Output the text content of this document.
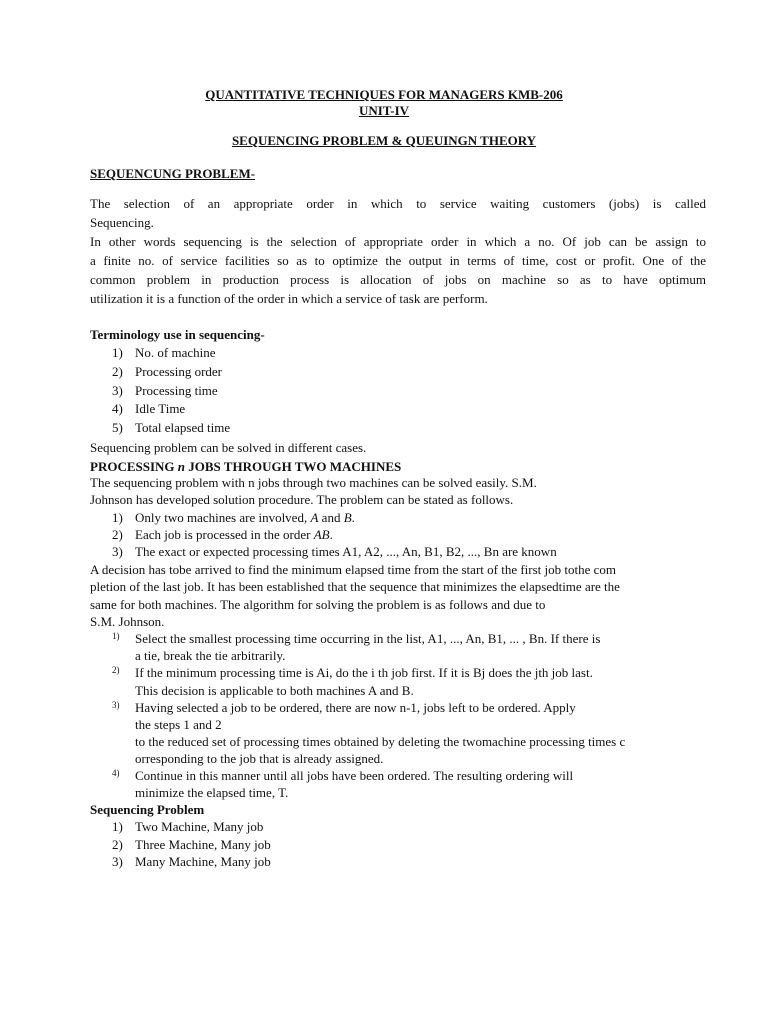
QUANTITATIVE TECHNIQUES FOR MANAGERS KMB-206
UNIT-IV
SEQUENCING PROBLEM & QUEUINGN THEORY
SEQUENCUNG PROBLEM-
The selection of an appropriate order in which to service waiting customers (jobs) is called
Sequencing.
In other words sequencing is the selection of appropriate order in which a no. Of job can be assign to
a finite no. of service facilities so as to optimize the output in terms of time, cost or profit. One of the
common problem in production process is allocation of jobs on machine so as to have optimum
utilization it is a function of the order in which a service of task are perform.
Terminology use in sequencing-
1) No. of machine
2) Processing order
3) Processing time
4) Idle Time
5) Total elapsed time
Sequencing problem can be solved in different cases.
PROCESSING n JOBS THROUGH TWO MACHINES
The sequencing problem with n jobs through two machines can be solved easily. S.M.
Johnson has developed solution procedure. The problem can be stated as follows.
1) Only two machines are involved, A and B.
2) Each job is processed in the order AB.
3) The exact or expected processing times A1, A2, ..., An, B1, B2, ..., Bn are known
A decision has tobe arrived to find the minimum elapsed time from the start of the first job tothe com
pletion of the last job. It has been established that the sequence that minimizes the elapsedtime are the
same for both machines. The algorithm for solving the problem is as follows and due to
S.M. Johnson.
1) Select the smallest processing time occurring in the list, A1, ..., An, B1, ... , Bn. If there is
a tie, break the tie arbitrarily.
2) If the minimum processing time is Ai, do the i th job first. If it is Bj does the jth job last.
This decision is applicable to both machines A and B.
3) Having selected a job to be ordered, there are now n-1, jobs left to be ordered. Apply
the steps 1 and 2
to the reduced set of processing times obtained by deleting the twomachine processing times c
orresponding to the job that is already assigned.
4) Continue in this manner until all jobs have been ordered. The resulting ordering will
minimize the elapsed time, T.
Sequencing Problem
1) Two Machine, Many job
2) Three Machine, Many job
3) Many Machine, Many job
